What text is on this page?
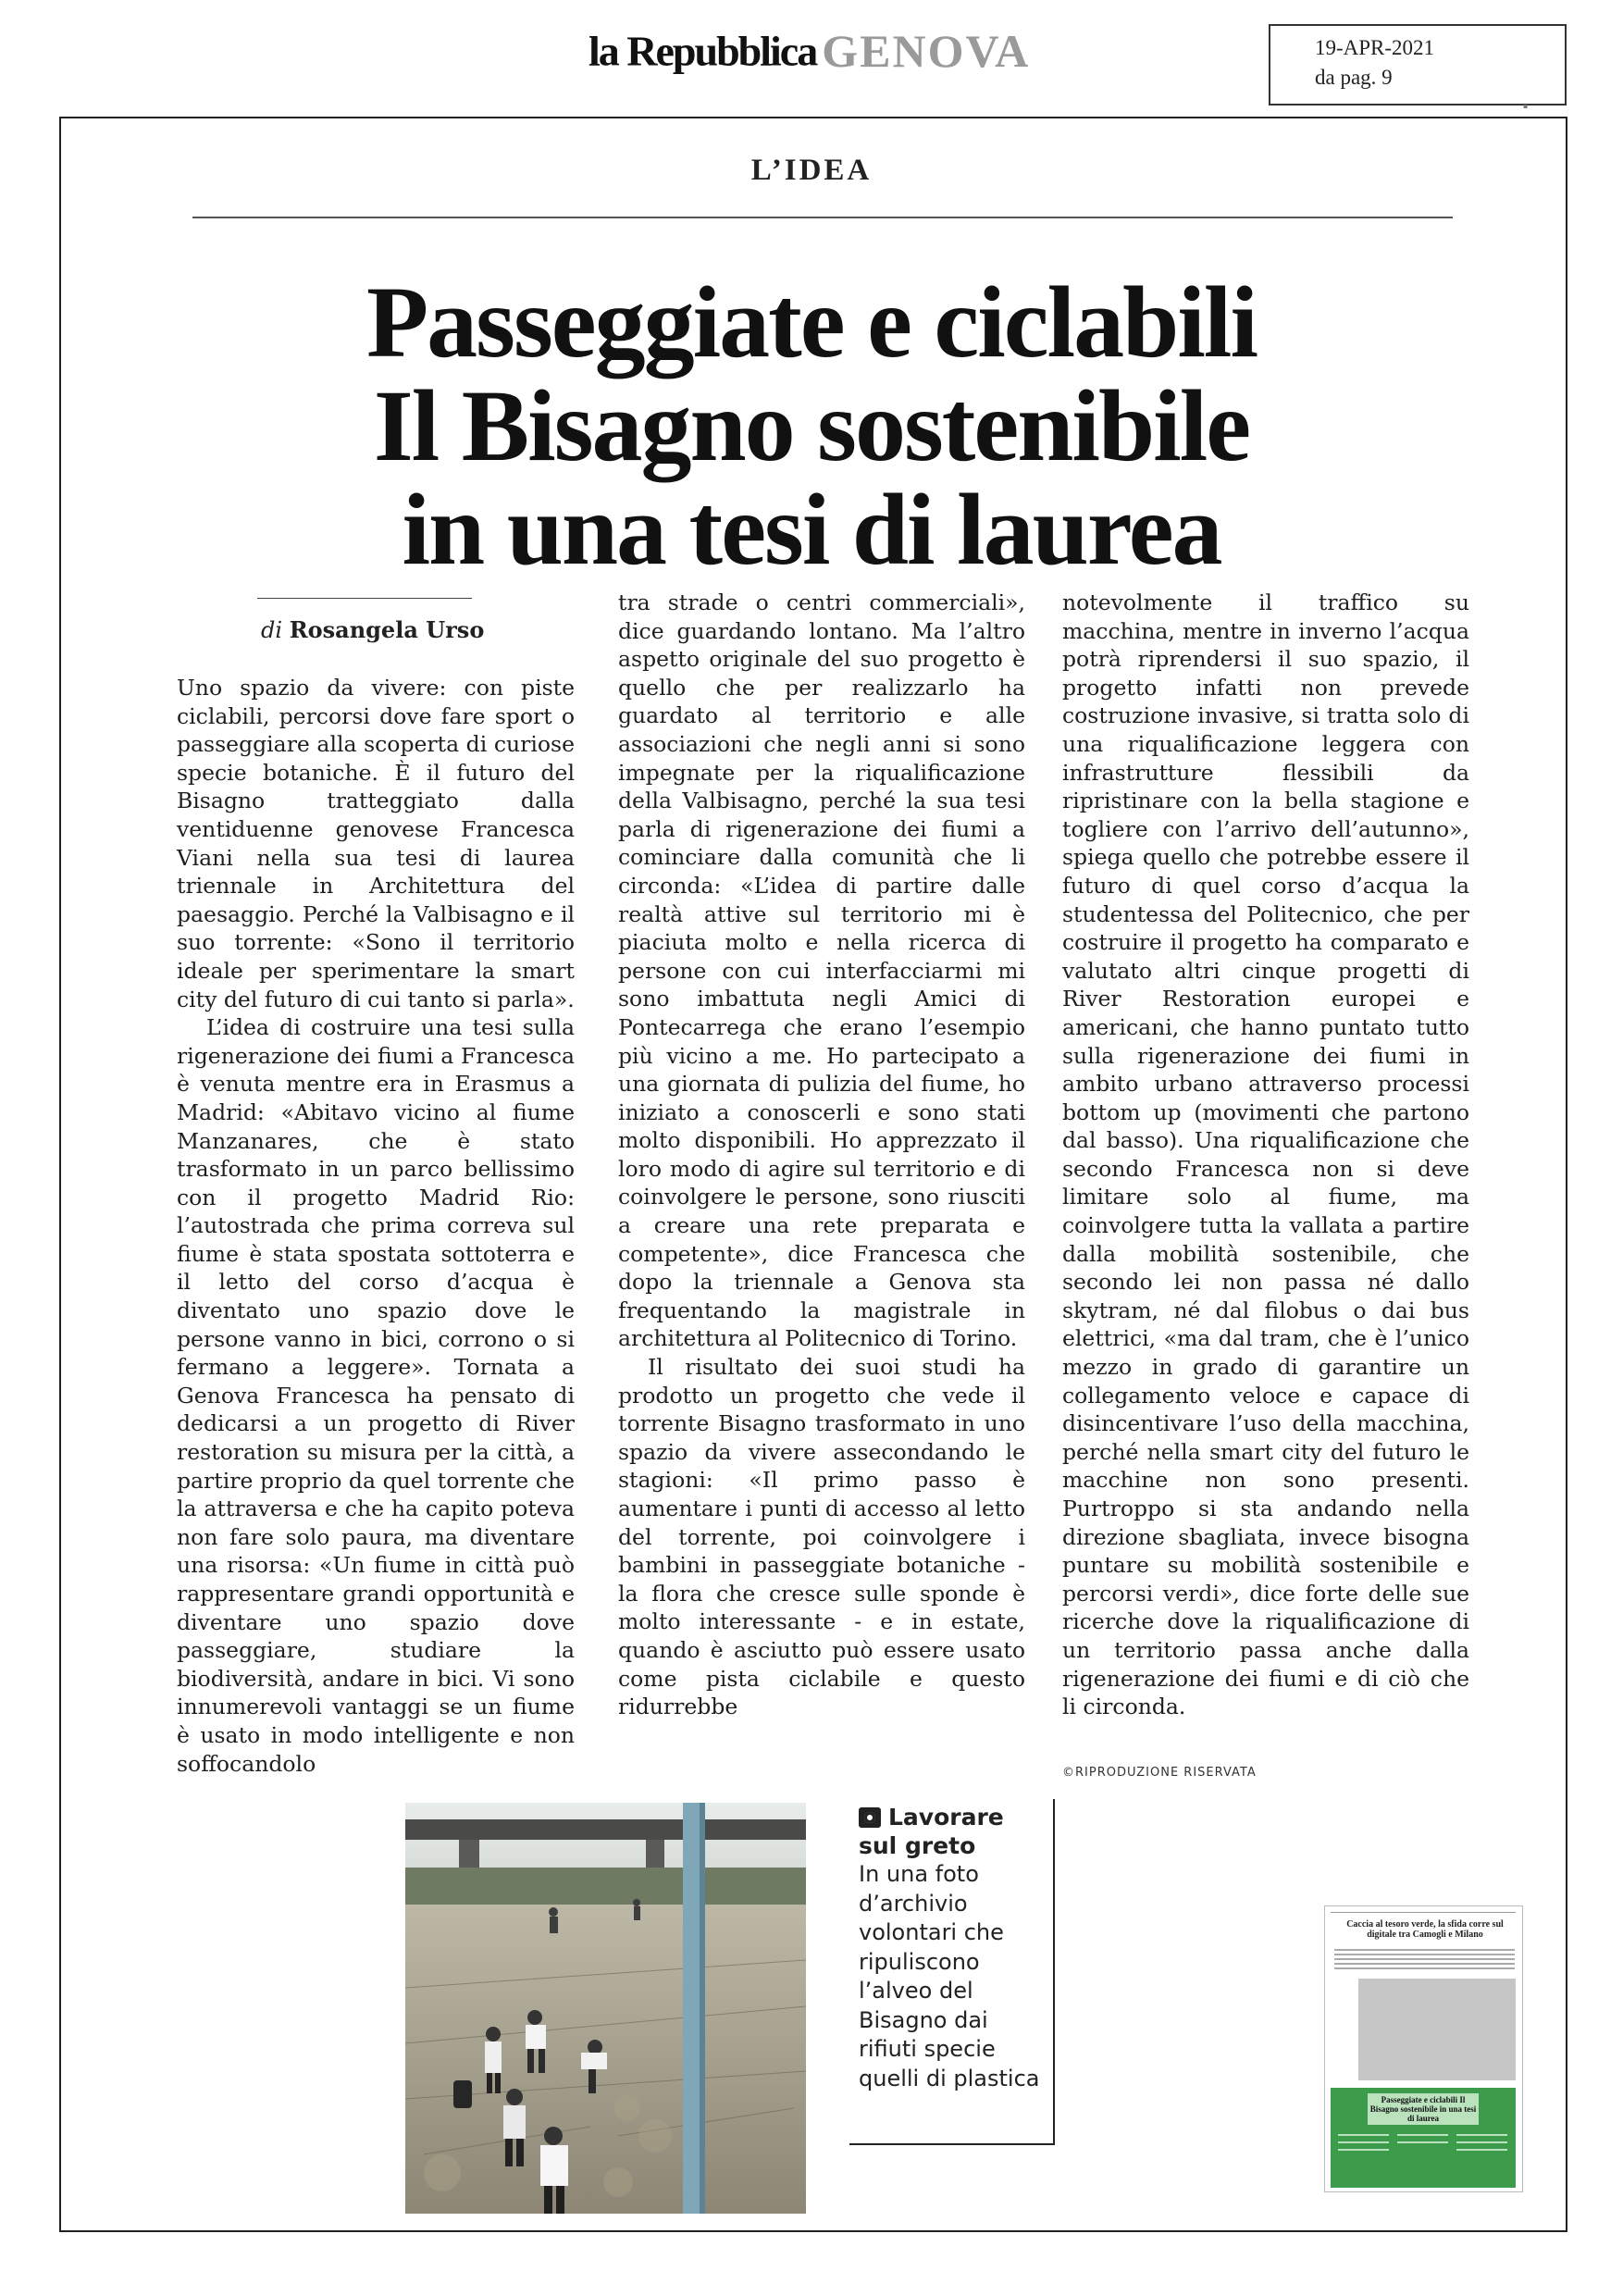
la Repubblica GENOVA	19-APR-2021
da pag. 9
▪
L’IDEA
Passeggiate e ciclabili
Il Bisagno sostenibile
in una tesi di laurea
di Rosangela Urso

Uno spazio da vivere: con piste ciclabili, percorsi dove fare sport o passeggiare alla scoperta di curiose specie botaniche. È il futuro del Bisagno tratteggiato dalla ventiduenne genovese Francesca Viani nella sua tesi di laurea triennale in Architettura del paesaggio. Perché la Valbisagno e il suo torrente: «Sono il territorio ideale per sperimentare la smart city del futuro di cui tanto si parla».

L’idea di costruire una tesi sulla rigenerazione dei fiumi a Francesca è venuta mentre era in Erasmus a Madrid: «Abitavo vicino al fiume Manzanares, che è stato trasformato in un parco bellissimo con il progetto Madrid Rio: l’autostrada che prima correva sul fiume è stata spostata sottoterra e il letto del corso d’acqua è diventato uno spazio dove le persone vanno in bici, corrono o si fermano a leggere». Tornata a Genova Francesca ha pensato di dedicarsi a un progetto di River restoration su misura per la città, a partire proprio da quel torrente che la attraversa e che ha capito poteva non fare solo paura, ma diventare una risorsa: «Un fiume in città può rappresentare grandi opportunità e diventare uno spazio dove passeggiare, studiare la biodiversità, andare in bici. Vi sono innumerevoli vantaggi se un fiume è usato in modo intelligente e non soffocandolo

tra strade o centri commerciali», dice guardando lontano. Ma l’altro aspetto originale del suo progetto è quello che per realizzarlo ha guardato al territorio e alle associazioni che negli anni si sono impegnate per la riqualificazione della Valbisagno, perché la sua tesi parla di rigenerazione dei fiumi a cominciare dalla comunità che li circonda: «L’idea di partire dalle realtà attive sul territorio mi è piaciuta molto e nella ricerca di persone con cui interfacciarmi mi sono imbattuta negli Amici di Pontecarrega che erano l’esempio più vicino a me. Ho partecipato a una giornata di pulizia del fiume, ho iniziato a conoscerli e sono stati molto disponibili. Ho apprezzato il loro modo di agire sul territorio e di coinvolgere le persone, sono riusciti a creare una rete preparata e competente», dice Francesca che dopo la triennale a Genova sta frequentando la magistrale in architettura al Politecnico di Torino.

Il risultato dei suoi studi ha prodotto un progetto che vede il torrente Bisagno trasformato in uno spazio da vivere assecondando le stagioni: «Il primo passo è aumentare i punti di accesso al letto del torrente, poi coinvolgere i bambini in passeggiate botaniche - la flora che cresce sulle sponde è molto interessante - e in estate, quando è asciutto può essere usato come pista ciclabile e questo ridurrebbe

notevolmente il traffico su macchina, mentre in inverno l’acqua potrà riprendersi il suo spazio, il progetto infatti non prevede costruzione invasive, si tratta solo di una riqualificazione leggera con infrastrutture flessibili da ripristinare con la bella stagione e toglierе con l’arrivo dell’autunno», spiega quello che potrebbe essere il futuro di quel corso d’acqua la studentessa del Politecnico, che per costruire il progetto ha comparato e valutato altri cinque progetti di River Restoration europei e americani, che hanno puntato tutto sulla rigenerazione dei fiumi in ambito urbano attraverso processi bottom up (movimenti che partono dal basso). Una riqualificazione che secondo Francesca non si deve limitare solo al fiume, ma coinvolgere tutta la vallata a partire dalla mobilità sostenibile, che secondo lei non passa né dallo skytram, né dal filobus o dai bus elettrici, «ma dal tram, che è l’unico mezzo in grado di garantire un collegamento veloce e capace di disincentivare l’uso della macchina, perché nella smart city del futuro le macchine non sono presenti. Purtroppo si sta andando nella direzione sbagliata, invece bisogna puntare su mobilità sostenibile e percorsi verdi», dice forte delle sue ricerche dove la riqualificazione di un territorio passa anche dalla rigenerazione dei fiumi e di ciò che li circonda.

©RIPRODUZIONE RISERVATA
Lavorare sul greto
In una foto d’archivio volontari che ripuliscono l’alveo del Bisagno dai rifiuti specie quelli di plastica
Caccia al tesoro verde, la sfida corre sul digitale tra Camogli e Milano
Passeggiate e ciclabili Il Bisagno sostenibile in una tesi di laurea
